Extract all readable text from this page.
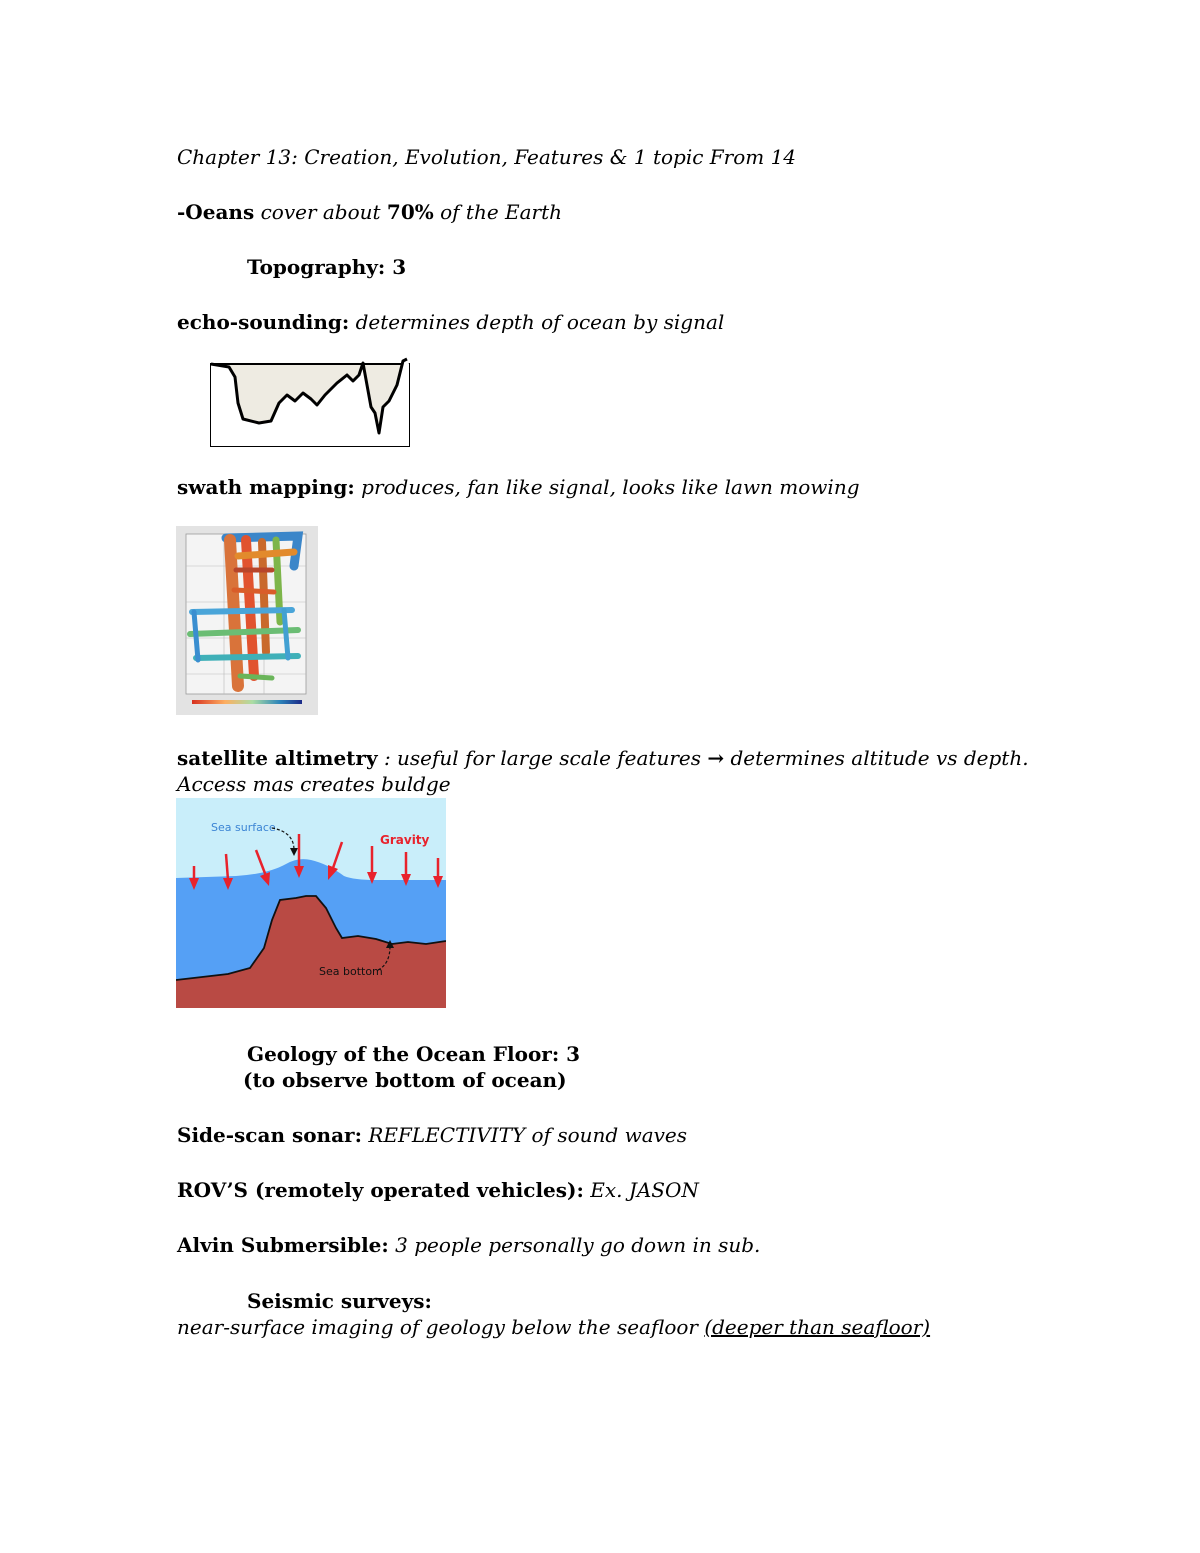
Chapter 13: Creation, Evolution, Features & 1 topic From 14
-Oeans cover about 70% of the Earth
Topography: 3
echo-sounding: determines depth of ocean by signal
swath mapping: produces, fan like signal, looks like lawn mowing
satellite altimetry : useful for large scale features → determines altitude vs depth.
Access mas creates buldge
Sea surface
Gravity
Sea bottom
Geology of the Ocean Floor: 3
(to observe bottom of ocean)
Side-scan sonar: REFLECTIVITY of sound waves
ROV’S (remotely operated vehicles): Ex. JASON
Alvin Submersible: 3 people personally go down in sub.
Seismic surveys:
near-surface imaging of geology below the seafloor (deeper than seafloor)
